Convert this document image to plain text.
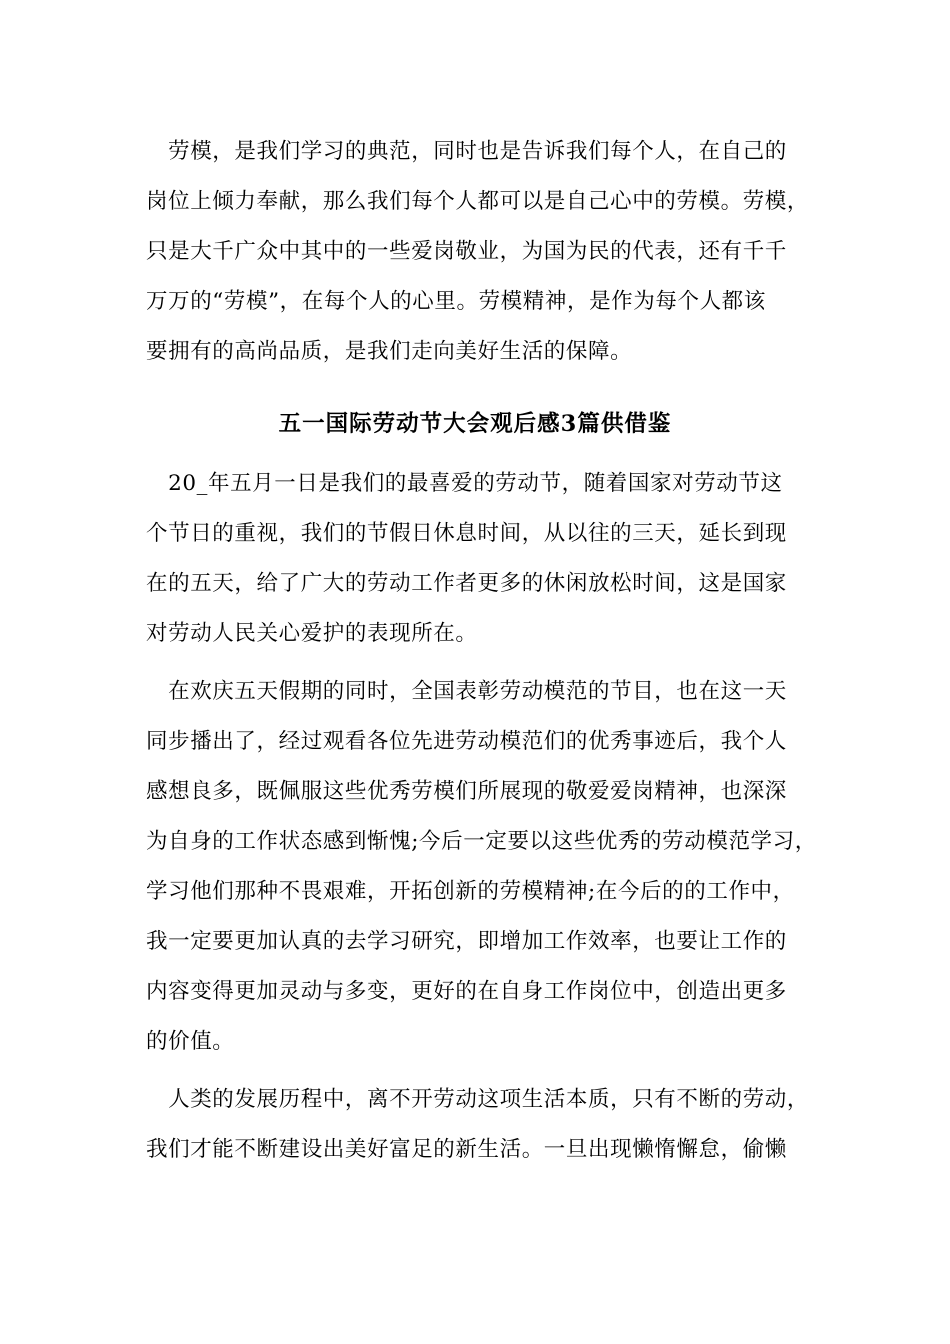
　劳模，是我们学习的典范，同时也是告诉我们每个人，在自己的
岗位上倾力奉献，那么我们每个人都可以是自己心中的劳模。劳模，
只是大千广众中其中的一些爱岗敬业，为国为民的代表，还有千千
万万的“劳模”，在每个人的心里。劳模精神，是作为每个人都该
要拥有的高尚品质，是我们走向美好生活的保障。
五一国际劳动节大会观后感3篇供借鉴
　20_年五月一日是我们的最喜爱的劳动节，随着国家对劳动节这
个节日的重视，我们的节假日休息时间，从以往的三天，延长到现
在的五天，给了广大的劳动工作者更多的休闲放松时间，这是国家
对劳动人民关心爱护的表现所在。
　在欢庆五天假期的同时，全国表彰劳动模范的节目，也在这一天
同步播出了，经过观看各位先进劳动模范们的优秀事迹后，我个人
感想良多，既佩服这些优秀劳模们所展现的敬爱爱岗精神，也深深
为自身的工作状态感到惭愧;今后一定要以这些优秀的劳动模范学习，
学习他们那种不畏艰难，开拓创新的劳模精神;在今后的的工作中，
我一定要更加认真的去学习研究，即增加工作效率，也要让工作的
内容变得更加灵动与多变，更好的在自身工作岗位中，创造出更多
的价值。
　人类的发展历程中，离不开劳动这项生活本质，只有不断的劳动，
我们才能不断建设出美好富足的新生活。一旦出现懒惰懈怠，偷懒
